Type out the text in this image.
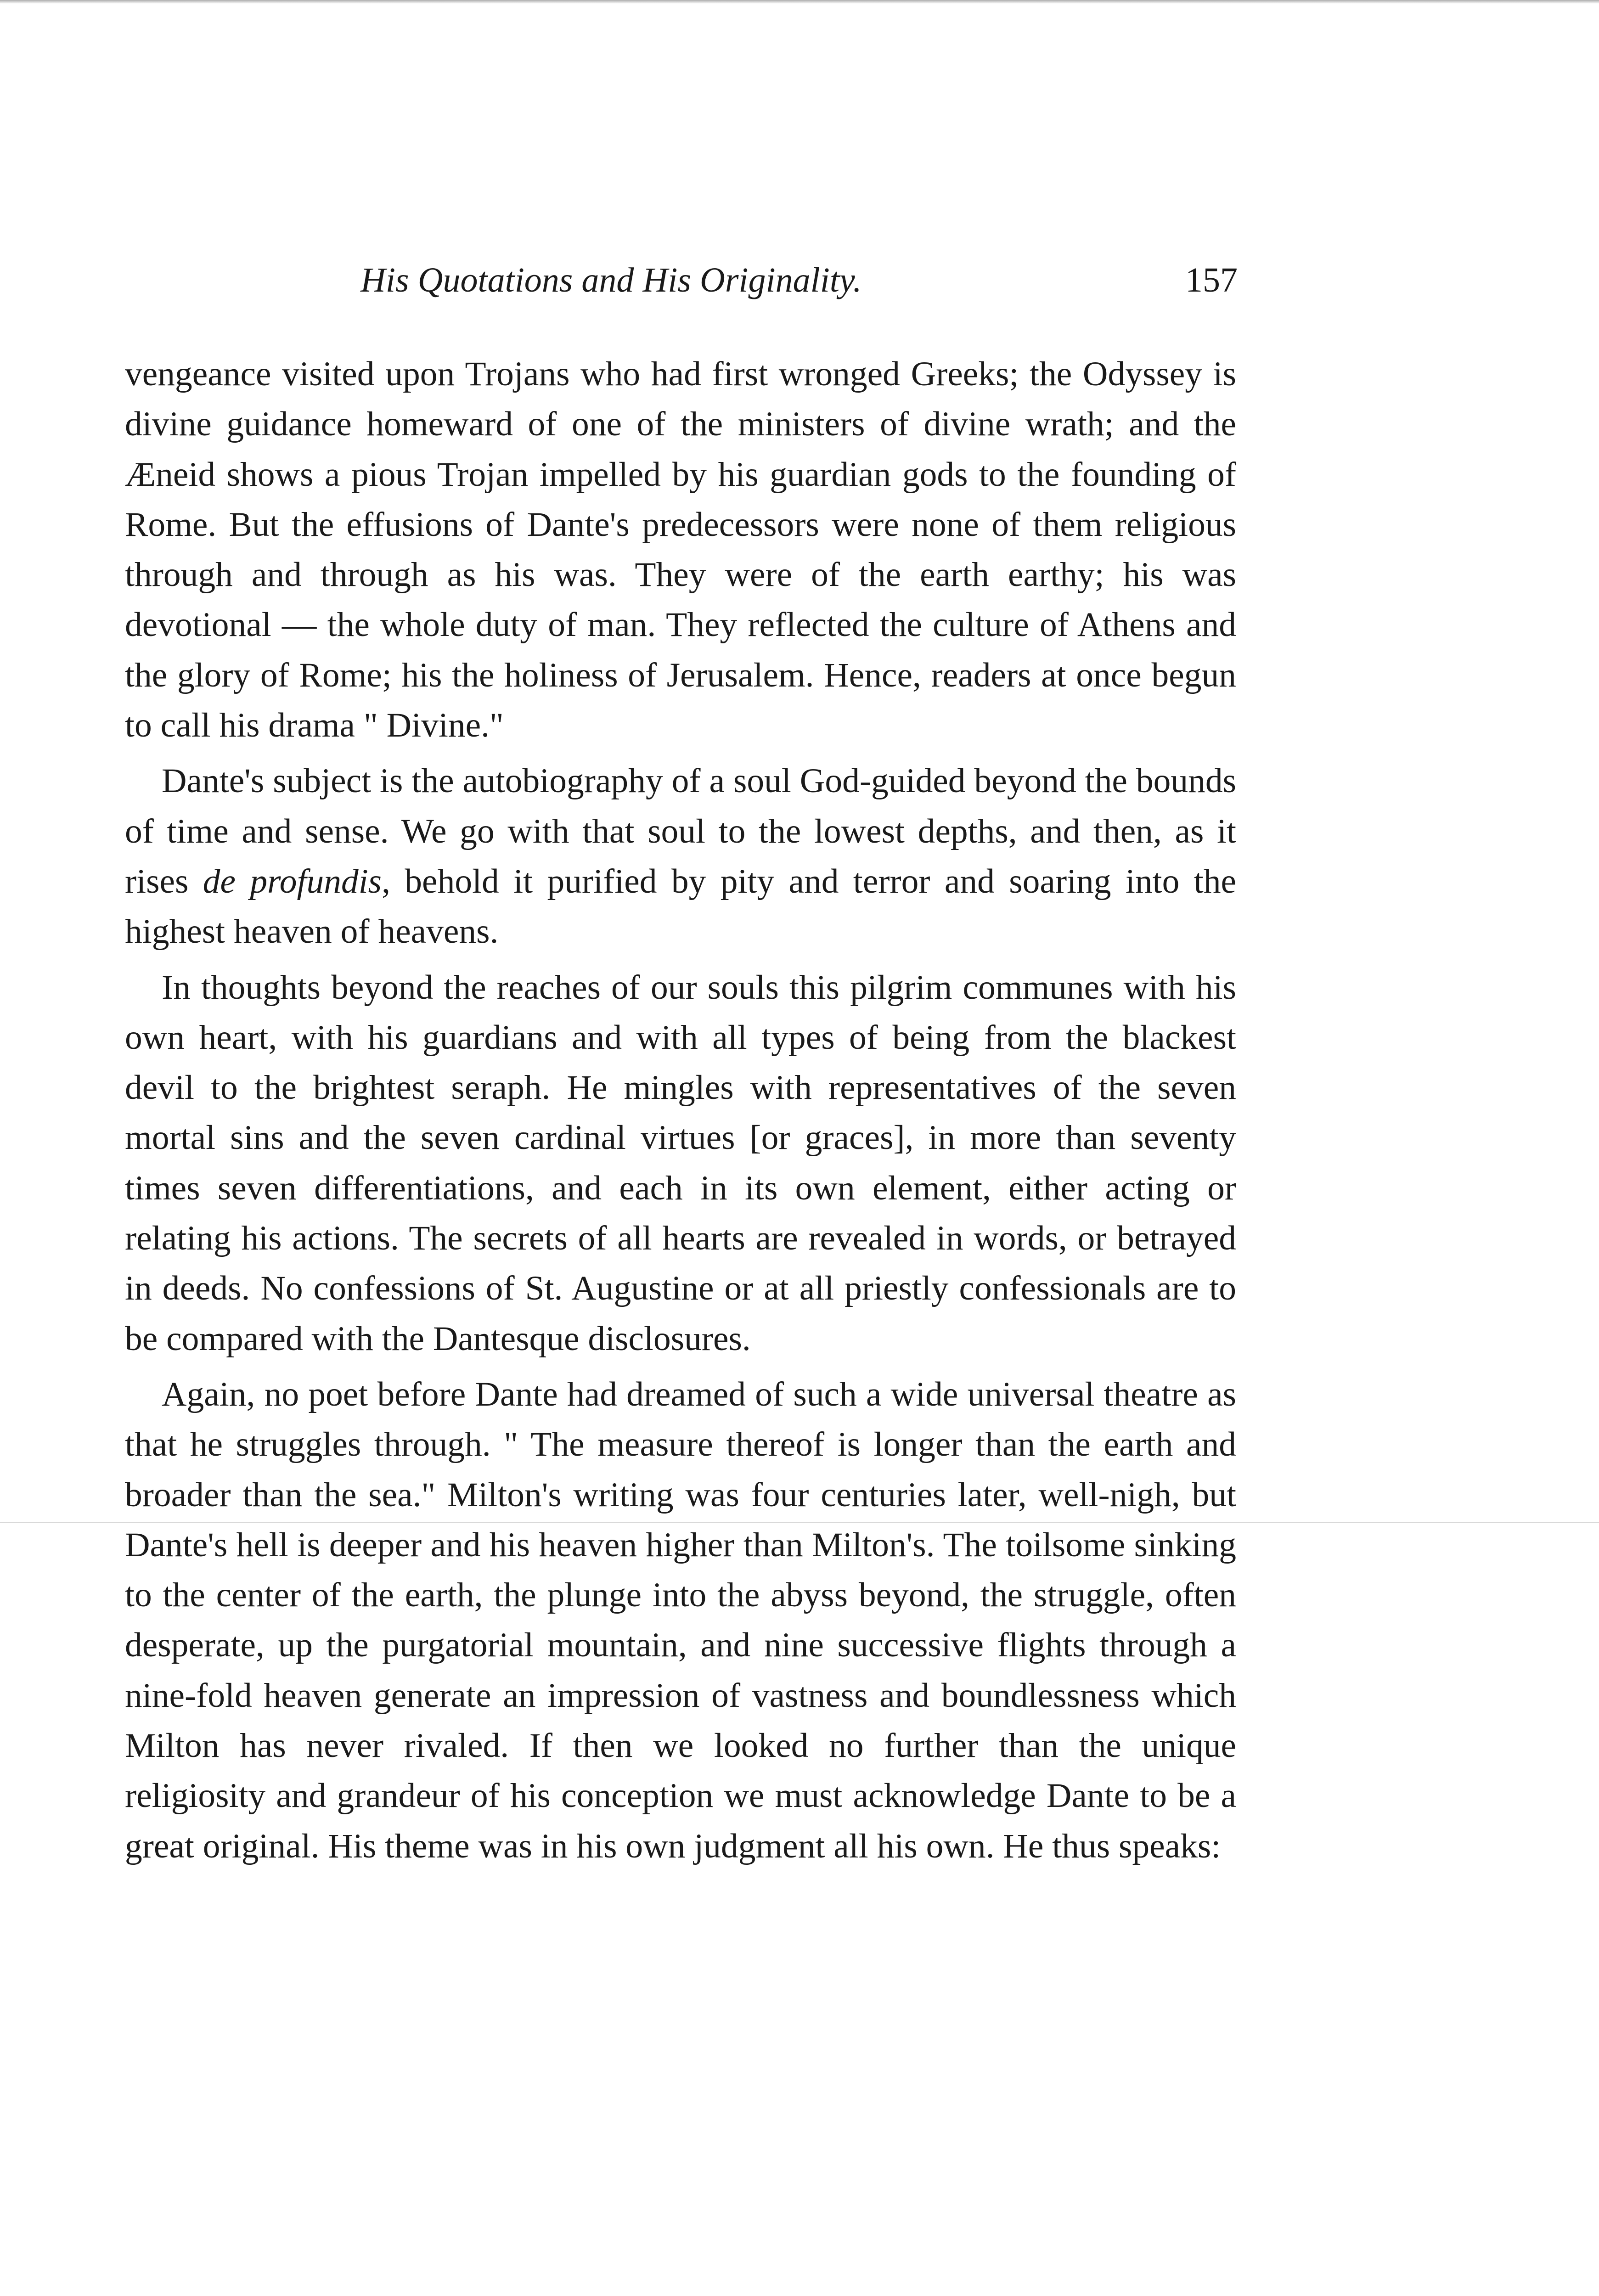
His Quotations and His Originality.	157

vengeance visited upon Trojans who had first wronged Greeks; the Odyssey is divine guidance homeward of one of the ministers of divine wrath; and the Æneid shows a pious Trojan impelled by his guardian gods to the founding of Rome. But the effusions of Dante's predecessors were none of them religious through and through as his was. They were of the earth earthy; his was devotional — the whole duty of man. They reflected the culture of Athens and the glory of Rome; his the holiness of Jerusalem. Hence, readers at once begun to call his drama " Divine."

Dante's subject is the autobiography of a soul God-guided beyond the bounds of time and sense. We go with that soul to the lowest depths, and then, as it rises de profundis, behold it purified by pity and terror and soaring into the highest heaven of heavens.

In thoughts beyond the reaches of our souls this pilgrim communes with his own heart, with his guardians and with all types of being from the blackest devil to the brightest seraph. He mingles with representatives of the seven mortal sins and the seven cardinal virtues [or graces], in more than seventy times seven differentiations, and each in its own element, either acting or relating his actions. The secrets of all hearts are revealed in words, or betrayed in deeds. No confessions of St. Augustine or at all priestly confessionals are to be compared with the Dantesque disclosures.

Again, no poet before Dante had dreamed of such a wide universal theatre as that he struggles through. " The measure thereof is longer than the earth and broader than the sea." Milton's writing was four centuries later, well-nigh, but Dante's hell is deeper and his heaven higher than Milton's. The toilsome sinking to the center of the earth, the plunge into the abyss beyond, the struggle, often desperate, up the purgatorial mountain, and nine successive flights through a nine-fold heaven generate an impression of vastness and boundlessness which Milton has never rivaled. If then we looked no further than the unique religiosity and grandeur of his conception we must acknowledge Dante to be a great original. His theme was in his own judgment all his own. He thus speaks:
